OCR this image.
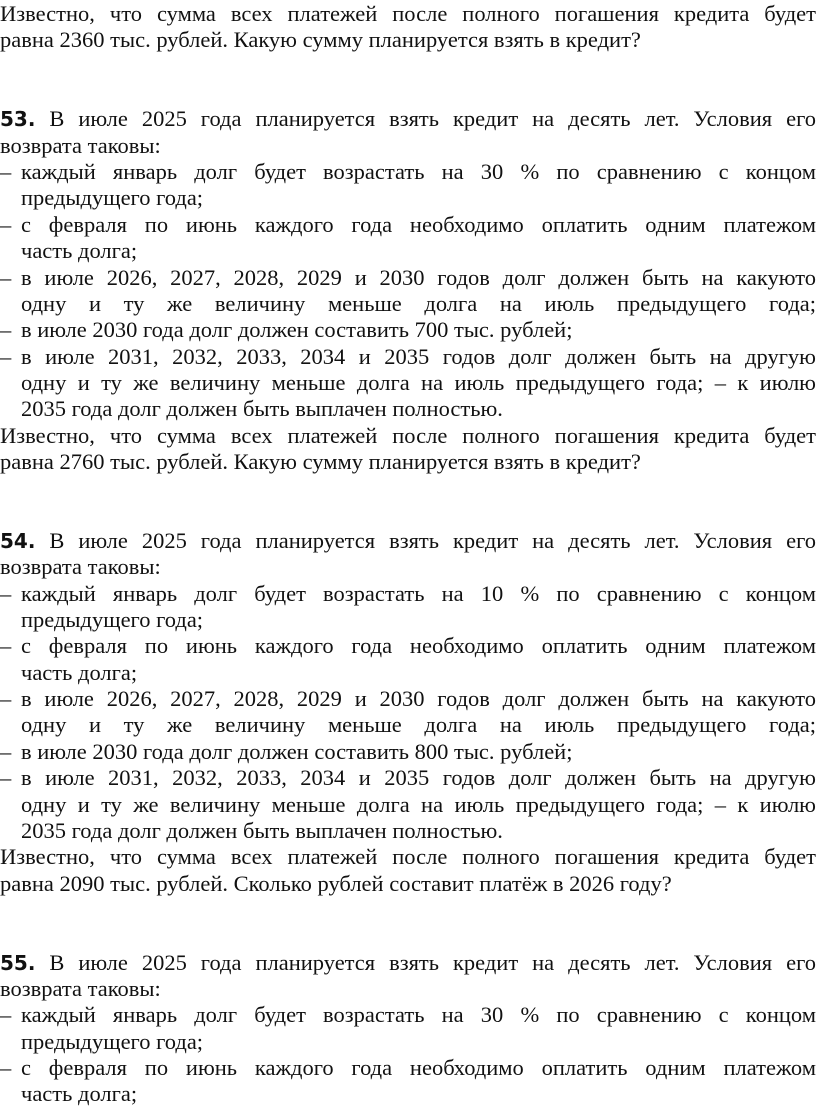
Известно, что сумма всех платежей после полного погашения кредита будет
равна 2360 тыс. рублей. Какую сумму планируется взять в кредит?
53. В июле 2025 года планируется взять кредит на десять лет. Условия его
возврата таковы:
каждый январь долг будет возрастать на 30 % по сравнению с концом
–
предыдущего года;
с февраля по июнь каждого года необходимо оплатить одним платежом
–
часть долга;
в июле 2026, 2027, 2028, 2029 и 2030 годов долг должен быть на какуюто
–
одну и ту же величину меньше долга на июль предыдущего года;
в июле 2030 года долг должен составить 700 тыс. рублей;
–
в июле 2031, 2032, 2033, 2034 и 2035 годов долг должен быть на другую
–
одну и ту же величину меньше долга на июль предыдущего года; – к июлю
2035 года долг должен быть выплачен полностью.
Известно, что сумма всех платежей после полного погашения кредита будет
равна 2760 тыс. рублей. Какую сумму планируется взять в кредит?
54. В июле 2025 года планируется взять кредит на десять лет. Условия его
возврата таковы:
каждый январь долг будет возрастать на 10 % по сравнению с концом
–
предыдущего года;
с февраля по июнь каждого года необходимо оплатить одним платежом
–
часть долга;
в июле 2026, 2027, 2028, 2029 и 2030 годов долг должен быть на какуюто
–
одну и ту же величину меньше долга на июль предыдущего года;
в июле 2030 года долг должен составить 800 тыс. рублей;
–
в июле 2031, 2032, 2033, 2034 и 2035 годов долг должен быть на другую
–
одну и ту же величину меньше долга на июль предыдущего года; – к июлю
2035 года долг должен быть выплачен полностью.
Известно, что сумма всех платежей после полного погашения кредита будет
равна 2090 тыс. рублей. Сколько рублей составит платёж в 2026 году?
55. В июле 2025 года планируется взять кредит на десять лет. Условия его
возврата таковы:
каждый январь долг будет возрастать на 30 % по сравнению с концом
–
предыдущего года;
с февраля по июнь каждого года необходимо оплатить одним платежом
–
часть долга;
